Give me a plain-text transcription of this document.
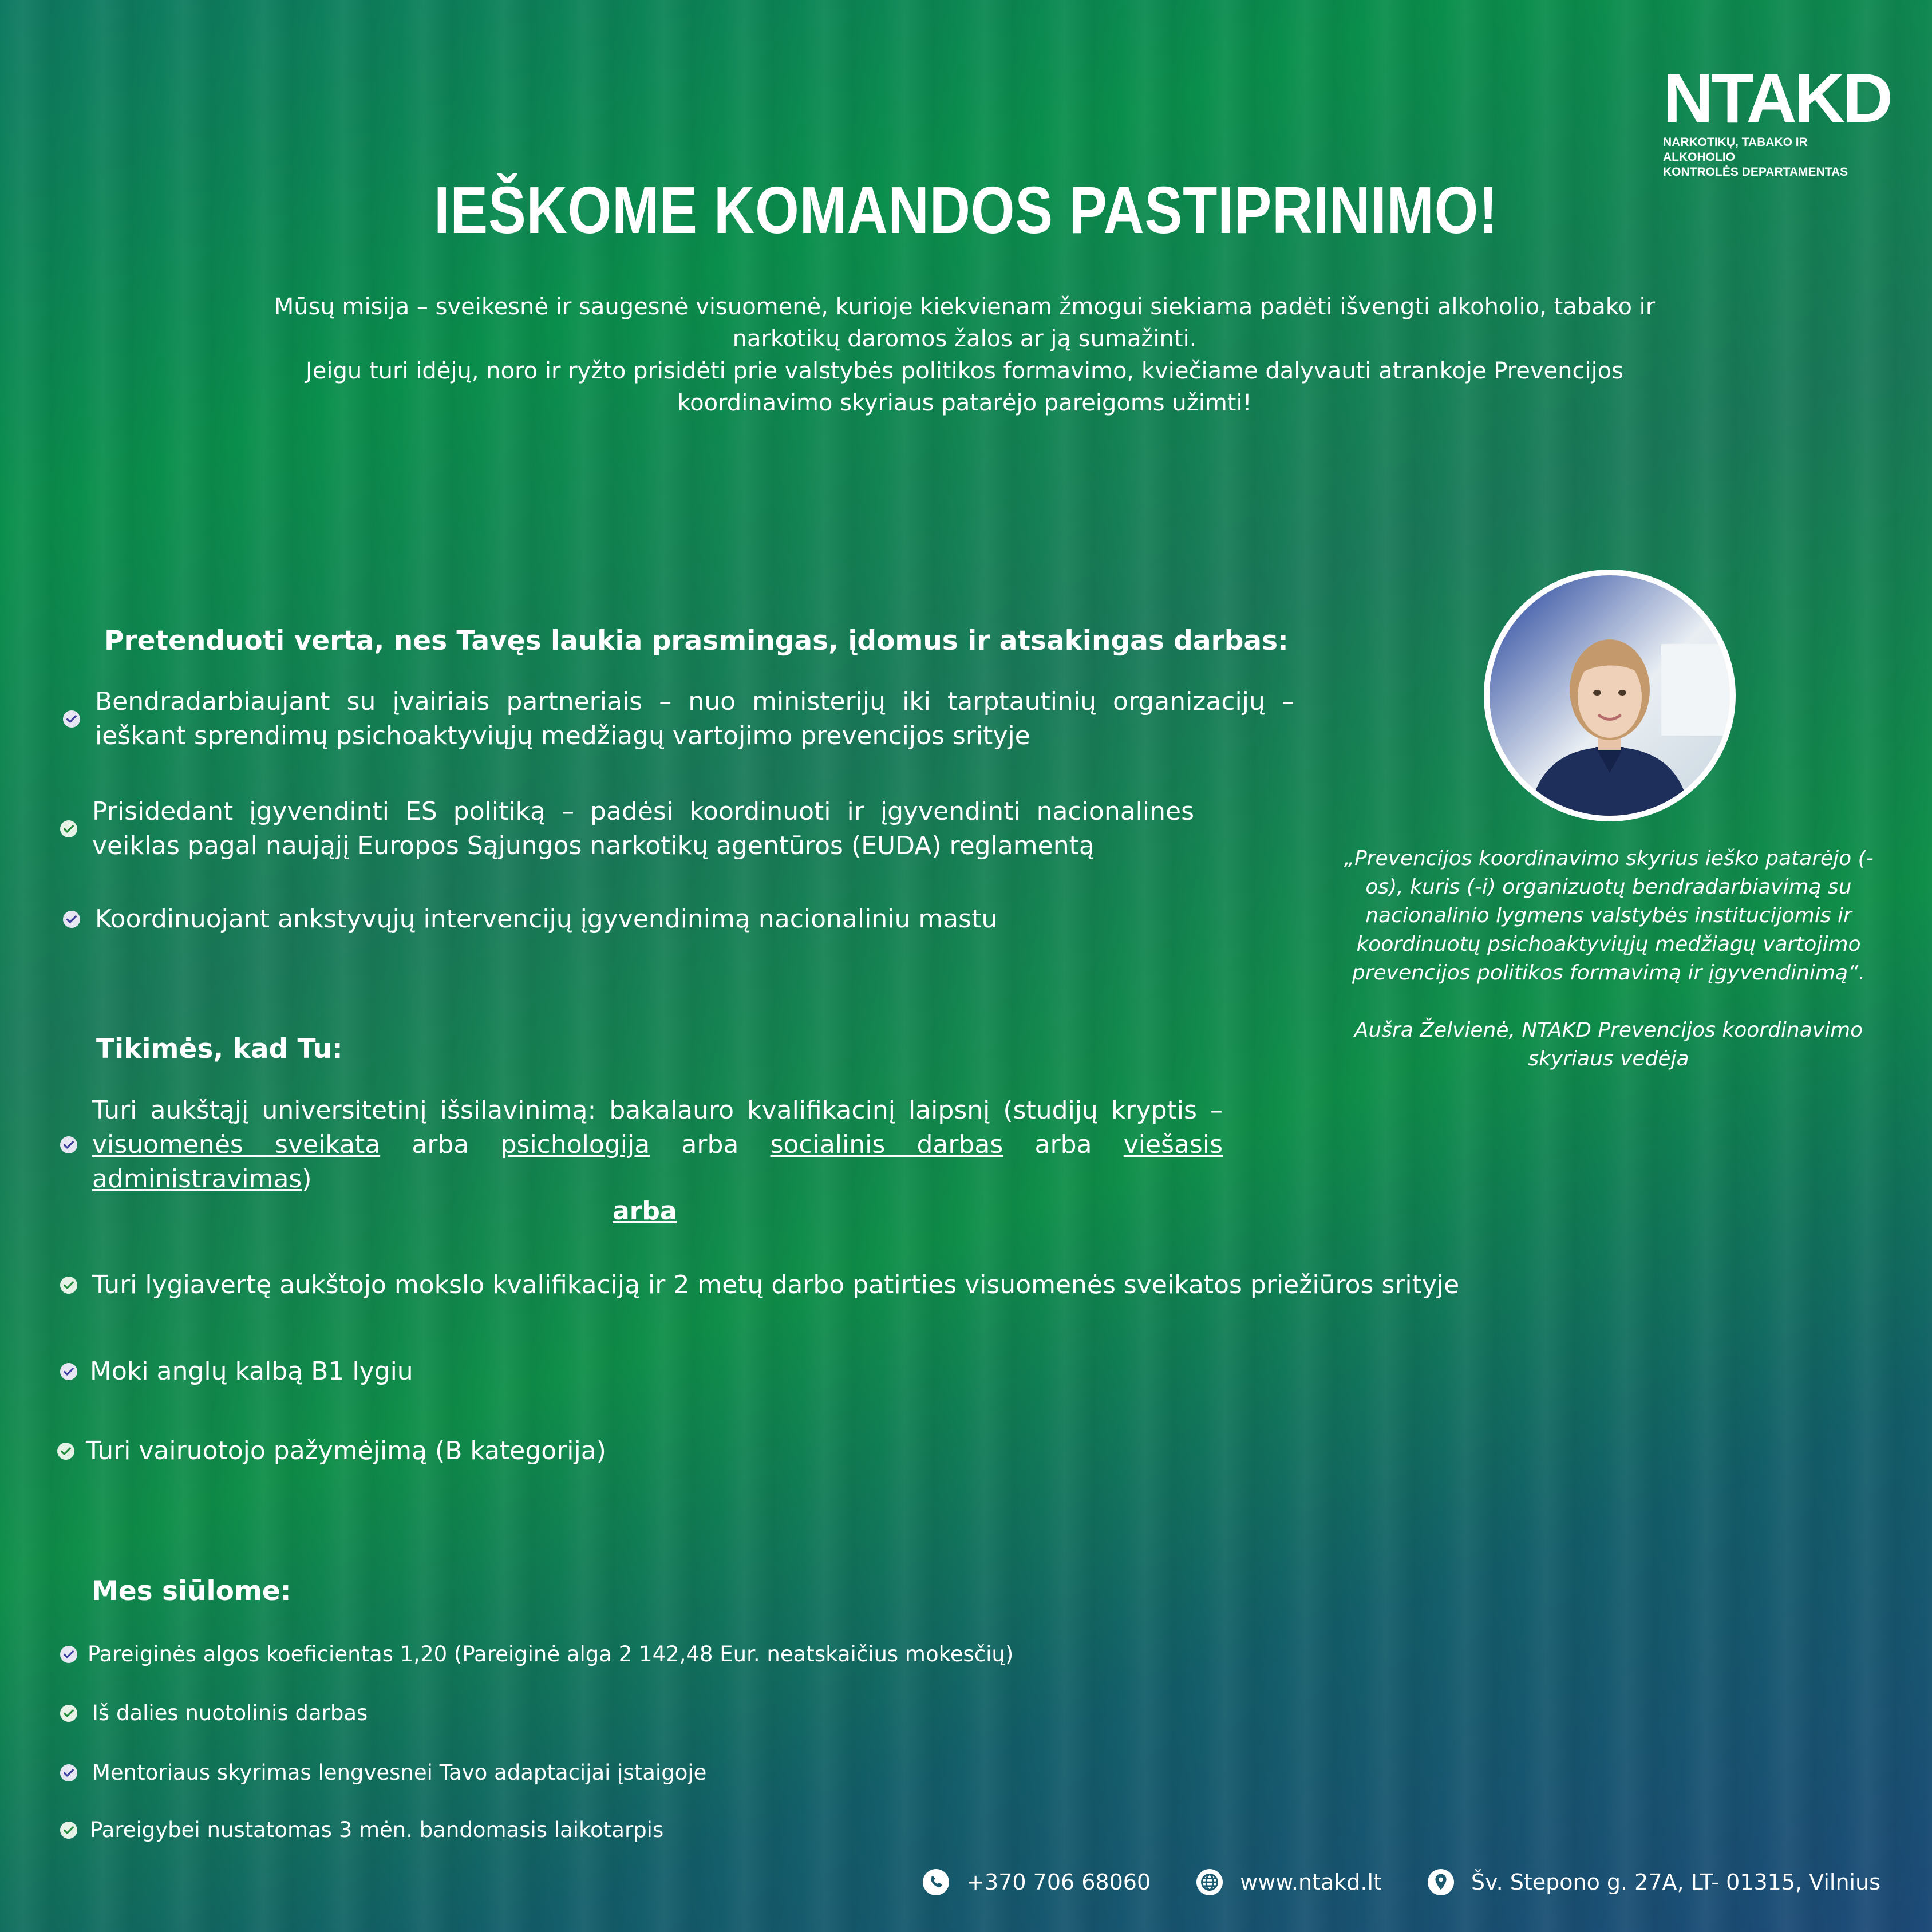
NTAKD
NARKOTIKŲ, TABAKO IR ALKOHOLIO
KONTROLĖS DEPARTAMENTAS
IEŠKOME KOMANDOS PASTIPRINIMO!

Mūsų misija – sveikesnė ir saugesnė visuomenė, kurioje kiekvienam žmogui siekiama padėti išvengti alkoholio, tabako ir narkotikų daromos žalos ar ją sumažinti.

Jeigu turi idėjų, noro ir ryžto prisidėti prie valstybės politikos formavimo, kviečiame dalyvauti atrankoje Prevencijos koordinavimo skyriaus patarėjo pareigoms užimti!

Pretenduoti verta, nes Tavęs laukia prasmingas, įdomus ir atsakingas darbas:
Bendradarbiaujant su įvairiais partneriais – nuo ministerijų iki tarptautinių organizacijų – ieškant sprendimų psichoaktyviųjų medžiagų vartojimo prevencijos srityje
Prisidedant įgyvendinti ES politiką – padėsi koordinuoti ir įgyvendinti nacionalines veiklas pagal naująjį Europos Sąjungos narkotikų agentūros (EUDA) reglamentą
Koordinuojant ankstyvųjų intervencijų įgyvendinimą nacionaliniu mastu
Tikimės, kad Tu:
Turi aukštąjį universitetinį išsilavinimą: bakalauro kvalifikacinį laipsnį (studijų kryptis – visuomenės sveikata arba psichologija arba socialinis darbas arba viešasis administravimas)
arba
Turi lygiavertę aukštojo mokslo kvalifikaciją ir 2 metų darbo patirties visuomenės sveikatos priežiūros srityje
Moki anglų kalbą B1 lygiu
Turi vairuotojo pažymėjimą (B kategorija)
Mes siūlome:
Pareiginės algos koeficientas 1,20 (Pareiginė alga 2 142,48 Eur. neatskaičius mokesčių)
Iš dalies nuotolinis darbas
Mentoriaus skyrimas lengvesnei Tavo adaptacijai įstaigoje
Pareigybei nustatomas 3 mėn. bandomasis laikotarpis
„Prevencijos koordinavimo skyrius ieško patarėjo (-os), kuris (-i) organizuotų bendradarbiavimą su nacionalinio lygmens valstybės institucijomis ir koordinuotų psichoaktyviųjų medžiagų vartojimo prevencijos politikos formavimą ir įgyvendinimą“.
Aušra Želvienė, NTAKD Prevencijos koordinavimo skyriaus vedėja
+370 706 68060	www.ntakd.lt	Šv. Stepono g. 27A, LT- 01315, Vilnius
